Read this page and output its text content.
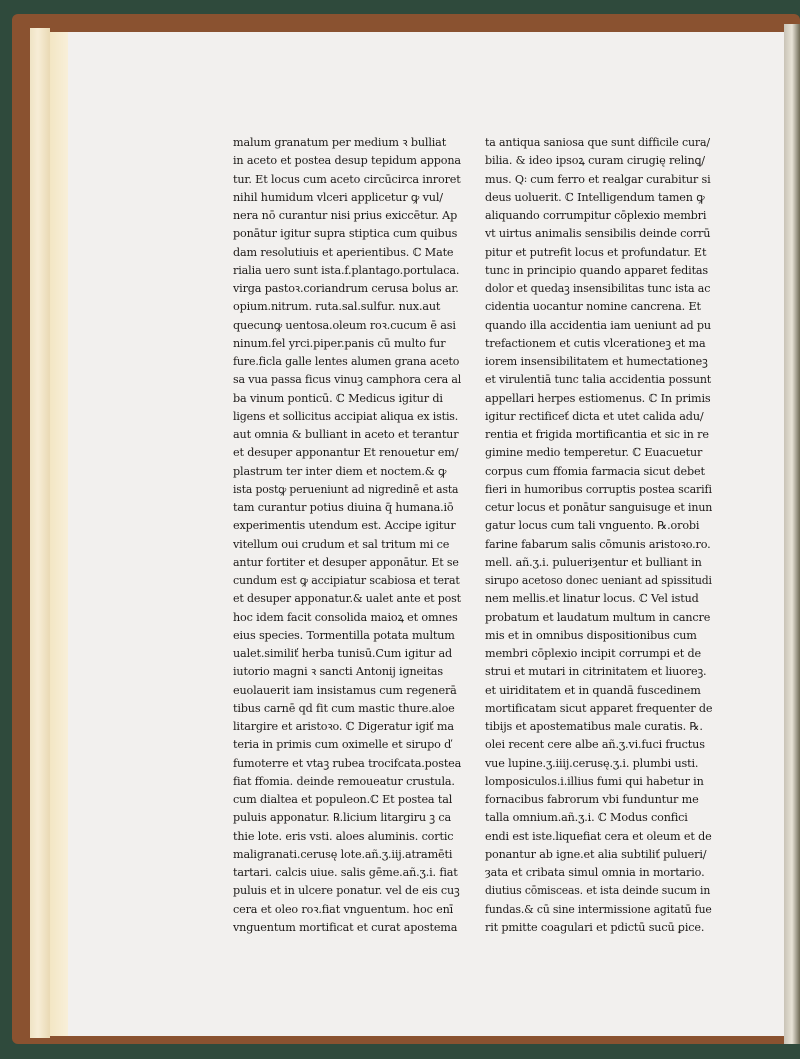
malum granatum per medium ꝛ bulliat
in aceto et postea desup tepidum appona
tur. Et locus cum aceto circūcirca inroret
nihil humidum vlceri applicetur ꝙ vul/
nera nō curantur nisi prius exiccētur. Ap
ponātur igitur supra stiptica cum quibus
dam resolutiuis et aperientibus. ℂ Mate
rialia uero sunt ista.f.plantago.portulaca.
virga pastoꝛ.coriandrum cerusa bolus ar.
opium.nitrum. ruta.sal.sulfur. nux.aut
quecunꝙ uentosa.oleum roꝛ.cucum ē asi
ninum.fel yrci.piper.panis cū multo fur
fure.ficla galle lentes alumen grana aceto
sa vua passa ficus vinuꝫ camphora cera al
ba vinum ponticū. ℂ Medicus igitur di
ligens et sollicitus accipiat aliqua ex istis.
aut omnia & bulliant in aceto et terantur
et desuper apponantur Et renouetur em/
plastrum ter inter diem et noctem.& ꝙ
ista postꝙ perueniunt ad nigredinē et asta
tam curantur potius diuina q̄ humana.iō
experimentis utendum est. Accipe igitur
vitellum oui crudum et sal tritum mi ce
antur fortiter et desuper apponātur. Et se
cundum est ꝙ accipiatur scabiosa et terat
et desuper apponatur.& ualet ante et post
hoc idem facit consolida maioꝝ et omnes
eius species. Tormentilla potata multum
ualet.similiť herba tunisū.Cum igitur ad
iutorio magni ꝛ sancti Antonij igneitas
euolauerit iam insistamus cum regenerā
tibus carnē qd fit cum mastic thure.aloe
litargire et aristoꝛo. ℂ Digeratur igiť ma
teria in primis cum oximelle et sirupo ď
fumoterre et vtaꝫ rubea trocifcata.postea
fiat ffomia. deinde remoueatur crustula.
cum dialtea et populeon.ℂ Et postea tal
puluis apponatur. ℞.licium litargiru ꝫ ca
thie lote. eris vsti. aloes aluminis. cortic
maligranati.cerusę lote.añ.ʒ.iij.atramēti
tartari. calcis uiue. salis gēme.añ.ʒ.i. fiat
puluis et in ulcere ponatur. vel de eis cuꝫ
cera et oleo roꝛ.fiat vnguentum. hoc enī
vnguentum mortificat et curat apostema
ta antiqua saniosa que sunt difficile cura/
bilia. & ideo ipsoꝝ curam cirugię relinꝗ/
mus. Q꞉ cum ferro et realgar curabitur si
deus uoluerit. ℂ Intelligendum tamen ꝙ
aliquando corrumpitur cōplexio membri
vt uirtus animalis sensibilis deinde corrū
pitur et putrefit locus et profundatur. Et
tunc in principio quando apparet feditas
dolor et quedaꝫ insensibilitas tunc ista ac
cidentia uocantur nomine cancrena. Et
quando illa accidentia iam ueniunt ad pu
trefactionem et cutis vlcerationeꝫ et ma
iorem insensibilitatem et humectationeꝫ
et virulentiā tunc talia accidentia possunt
appellari herpes estiomenus. ℂ In primis
igitur rectificeť dicta et utet calida adu/
rentia et frigida mortificantia et sic in re
gimine medio temperetur. ℂ Euacuetur
corpus cum ffomia farmacia sicut debet
fieri in humoribus corruptis postea scarifi
cetur locus et ponātur sanguisuge et inun
gatur locus cum tali vnguento. ℞.orobi
farine fabarum salis cōmunis aristoꝛo.ro.
mell. añ.ʒ.i. pulueriȝentur et bulliant in
sirupo acetoso donec ueniant ad spissitudi
nem mellis.et linatur locus. ℂ Vel istud
probatum et laudatum multum in cancre
mis et in omnibus dispositionibus cum
membri cōplexio incipit corrumpi et de
strui et mutari in citrinitatem et liuoreꝫ.
et uiriditatem et in quandā fuscedinem
mortificatam sicut apparet frequenter de
tibijs et apostematibus male curatis. ℞.
olei recent cere albe añ.ʒ.vi.fuci fructus
vue lupine.ʒ.iiij.cerusę.ʒ.i. plumbi usti.
lomposiculos.i.illius fumi qui habetur in
fornacibus fabrorum vbi funduntur me
talla omnium.añ.ʒ.i. ℂ Modus confici
endi est iste.liquefiat cera et oleum et de
ponantur ab igne.et alia subtiliť pulueri/
ȝata et cribata simul omnia in mortario.
diutius cōmisceas. et ista deinde sucum in
fundas.& cū sine intermissione agitatū fue
rit pmitte coagulari et pdictū sucū ꝑice.
